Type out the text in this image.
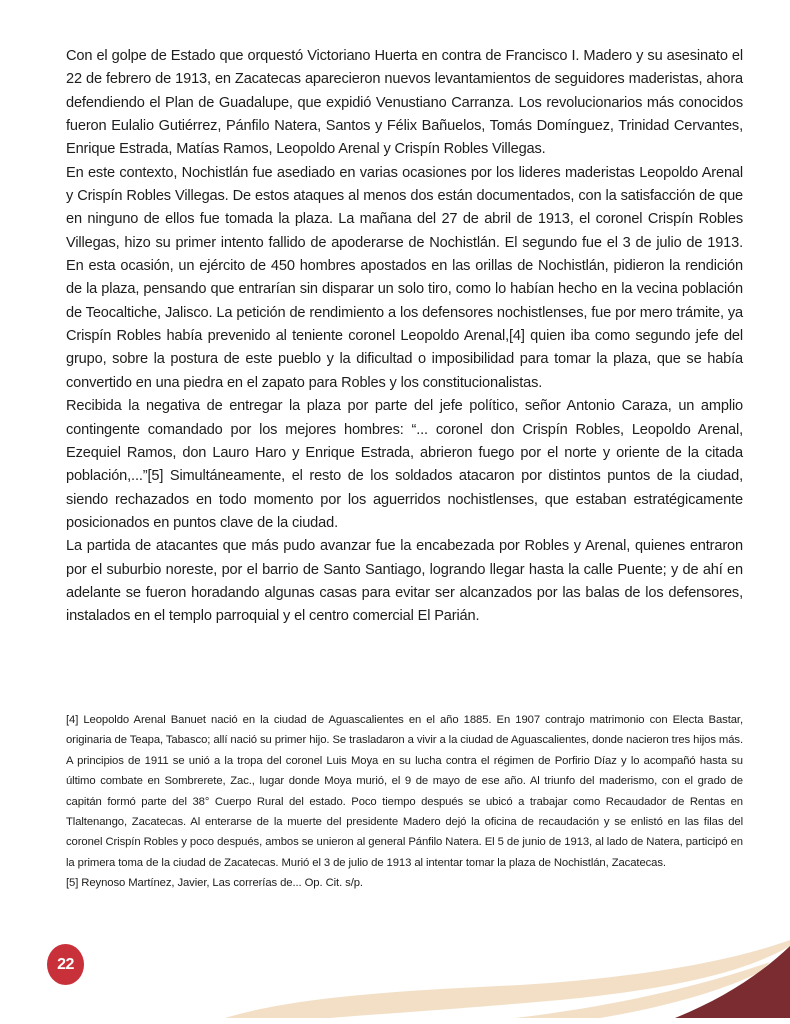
Con el golpe de Estado que orquestó Victoriano Huerta en contra de Francisco I. Madero y su asesinato el 22 de febrero de 1913, en Zacatecas aparecieron nuevos levantamientos de seguidores maderistas, ahora defendiendo el Plan de Guadalupe, que expidió Venustiano Carranza. Los revolucionarios más conocidos fueron Eulalio Gutiérrez, Pánfilo Natera, Santos y Félix Bañuelos, Tomás Domínguez, Trinidad Cervantes, Enrique Estrada, Matías Ramos, Leopoldo Arenal y Crispín Robles Villegas.

En este contexto, Nochistlán fue asediado en varias ocasiones por los lideres maderistas Leopoldo Arenal y Crispín Robles Villegas. De estos ataques al menos dos están documentados, con la satisfacción de que en ninguno de ellos fue tomada la plaza. La mañana del 27 de abril de 1913, el coronel Crispín Robles Villegas, hizo su primer intento fallido de apoderarse de Nochistlán. El segundo fue el 3 de julio de 1913. En esta ocasión, un ejército de 450 hombres apostados en las orillas de Nochistlán, pidieron la rendición de la plaza, pensando que entrarían sin disparar un solo tiro, como lo habían hecho en la vecina población de Teocaltiche, Jalisco. La petición de rendimiento a los defensores nochistlenses, fue por mero trámite, ya Crispín Robles había prevenido al teniente coronel Leopoldo Arenal,[4] quien iba como segundo jefe del grupo, sobre la postura de este pueblo y la dificultad o imposibilidad para tomar la plaza, que se había convertido en una piedra en el zapato para Robles y los constitucionalistas.

Recibida la negativa de entregar la plaza por parte del jefe político, señor Antonio Caraza, un amplio contingente comandado por los mejores hombres: “... coronel don Crispín Robles, Leopoldo Arenal, Ezequiel Ramos, don Lauro Haro y Enrique Estrada, abrieron fuego por el norte y oriente de la citada población,...”[5] Simultáneamente, el resto de los soldados atacaron por distintos puntos de la ciudad, siendo rechazados en todo momento por los aguerridos nochistlenses, que estaban estratégicamente posicionados en puntos clave de la ciudad.

La partida de atacantes que más pudo avanzar fue la encabezada por Robles y Arenal, quienes entraron por el suburbio noreste, por el barrio de Santo Santiago, logrando llegar hasta la calle Puente; y de ahí en adelante se fueron horadando algunas casas para evitar ser alcanzados por las balas de los defensores, instalados en el templo parroquial y el centro comercial El Parián.

[4] Leopoldo Arenal Banuet nació en la ciudad de Aguascalientes en el año 1885. En 1907 contrajo matrimonio con Electa Bastar, originaria de Teapa, Tabasco; allí nació su primer hijo. Se trasladaron a vivir a la ciudad de Aguascalientes, donde nacieron tres hijos más. A principios de 1911 se unió a la tropa del coronel Luis Moya en su lucha contra el régimen de Porfirio Díaz y lo acompañó hasta su último combate en Sombrerete, Zac., lugar donde Moya murió, el 9 de mayo de ese año. Al triunfo del maderismo, con el grado de capitán formó parte del 38° Cuerpo Rural del estado. Poco tiempo después se ubicó a trabajar como Recaudador de Rentas en Tlaltenango, Zacatecas. Al enterarse de la muerte del presidente Madero dejó la oficina de recaudación y se enlistó en las filas del coronel Crispín Robles y poco después, ambos se unieron al general Pánfilo Natera. El 5 de junio de 1913, al lado de Natera, participó en la primera toma de la ciudad de Zacatecas. Murió el 3 de julio de 1913 al intentar tomar la plaza de Nochistlán, Zacatecas.

[5] Reynoso Martínez, Javier, Las correrías de... Op. Cit. s/p.

22
